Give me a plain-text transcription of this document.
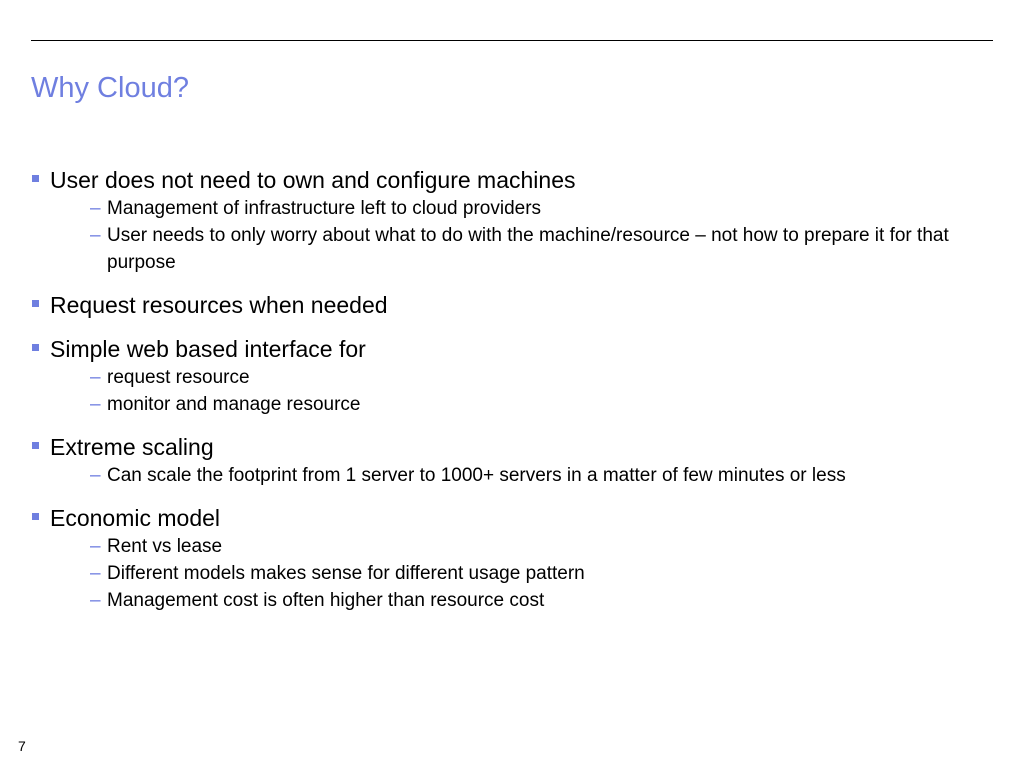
Why Cloud?
User does not need to own and configure machines
– Management of infrastructure left to cloud providers
– User needs to only worry about what to do with the machine/resource – not how to prepare it for that purpose
Request resources when needed
Simple web based interface for
– request resource
– monitor and manage resource
Extreme scaling
– Can scale the footprint from 1 server to 1000+ servers in a matter of few minutes or less
Economic model
– Rent vs lease
– Different models makes sense for different usage pattern
– Management cost is often higher than resource cost
7
